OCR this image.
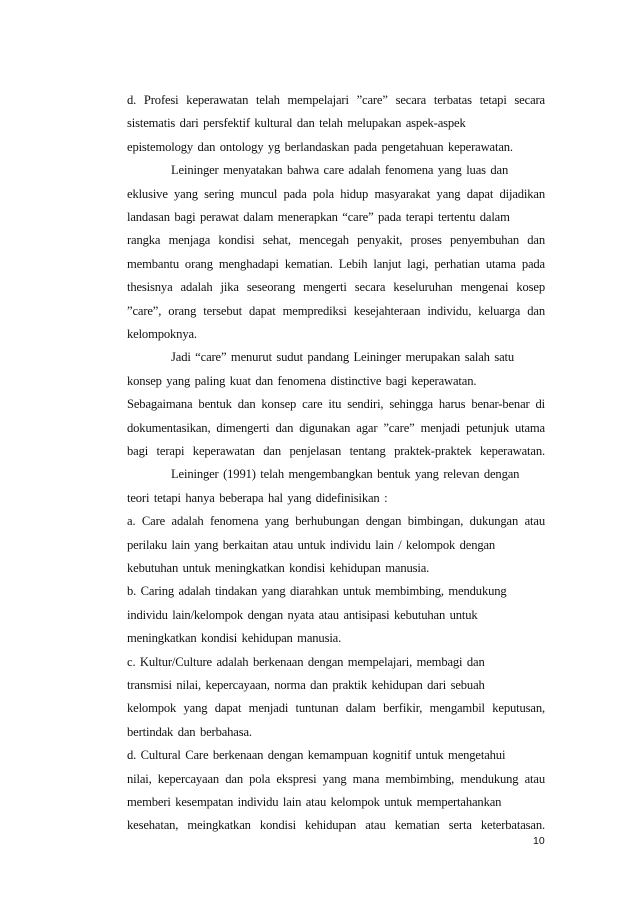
d. Profesi keperawatan telah mempelajari ”care” secara terbatas tetapi secara
sistematis dari persfektif kultural dan telah melupakan aspek-aspek
epistemology dan ontology yg berlandaskan pada pengetahuan keperawatan.
Leininger menyatakan bahwa care adalah fenomena yang luas dan
eklusive yang sering muncul pada pola hidup masyarakat yang dapat dijadikan
landasan bagi perawat dalam menerapkan “care” pada terapi tertentu dalam
rangka menjaga kondisi sehat, mencegah penyakit, proses penyembuhan dan
membantu orang menghadapi kematian. Lebih lanjut lagi, perhatian utama pada
thesisnya adalah jika seseorang mengerti secara keseluruhan mengenai kosep
”care”, orang tersebut dapat memprediksi kesejahteraan individu, keluarga dan
kelompoknya.
Jadi “care” menurut sudut pandang Leininger merupakan salah satu
konsep yang paling kuat dan fenomena distinctive bagi keperawatan.
Sebagaimana bentuk dan konsep care itu sendiri, sehingga harus benar-benar di
dokumentasikan, dimengerti dan digunakan agar ”care” menjadi petunjuk utama
bagi terapi keperawatan dan penjelasan tentang praktek-praktek keperawatan.
Leininger (1991) telah mengembangkan bentuk yang relevan dengan
teori tetapi hanya beberapa hal yang didefinisikan :
a. Care adalah fenomena yang berhubungan dengan bimbingan, dukungan atau
perilaku lain yang berkaitan atau untuk individu lain / kelompok dengan
kebutuhan untuk meningkatkan kondisi kehidupan manusia.
b. Caring adalah tindakan yang diarahkan untuk membimbing, mendukung
individu lain/kelompok dengan nyata atau antisipasi kebutuhan untuk
meningkatkan kondisi kehidupan manusia.
c. Kultur/Culture adalah berkenaan dengan mempelajari, membagi dan
transmisi nilai, kepercayaan, norma dan praktik kehidupan dari sebuah
kelompok yang dapat menjadi tuntunan dalam berfikir, mengambil keputusan,
bertindak dan berbahasa.
d. Cultural Care berkenaan dengan kemampuan kognitif untuk mengetahui
nilai, kepercayaan dan pola ekspresi yang mana membimbing, mendukung atau
memberi kesempatan individu lain atau kelompok untuk mempertahankan
kesehatan, meingkatkan kondisi kehidupan atau kematian serta keterbatasan.
10
